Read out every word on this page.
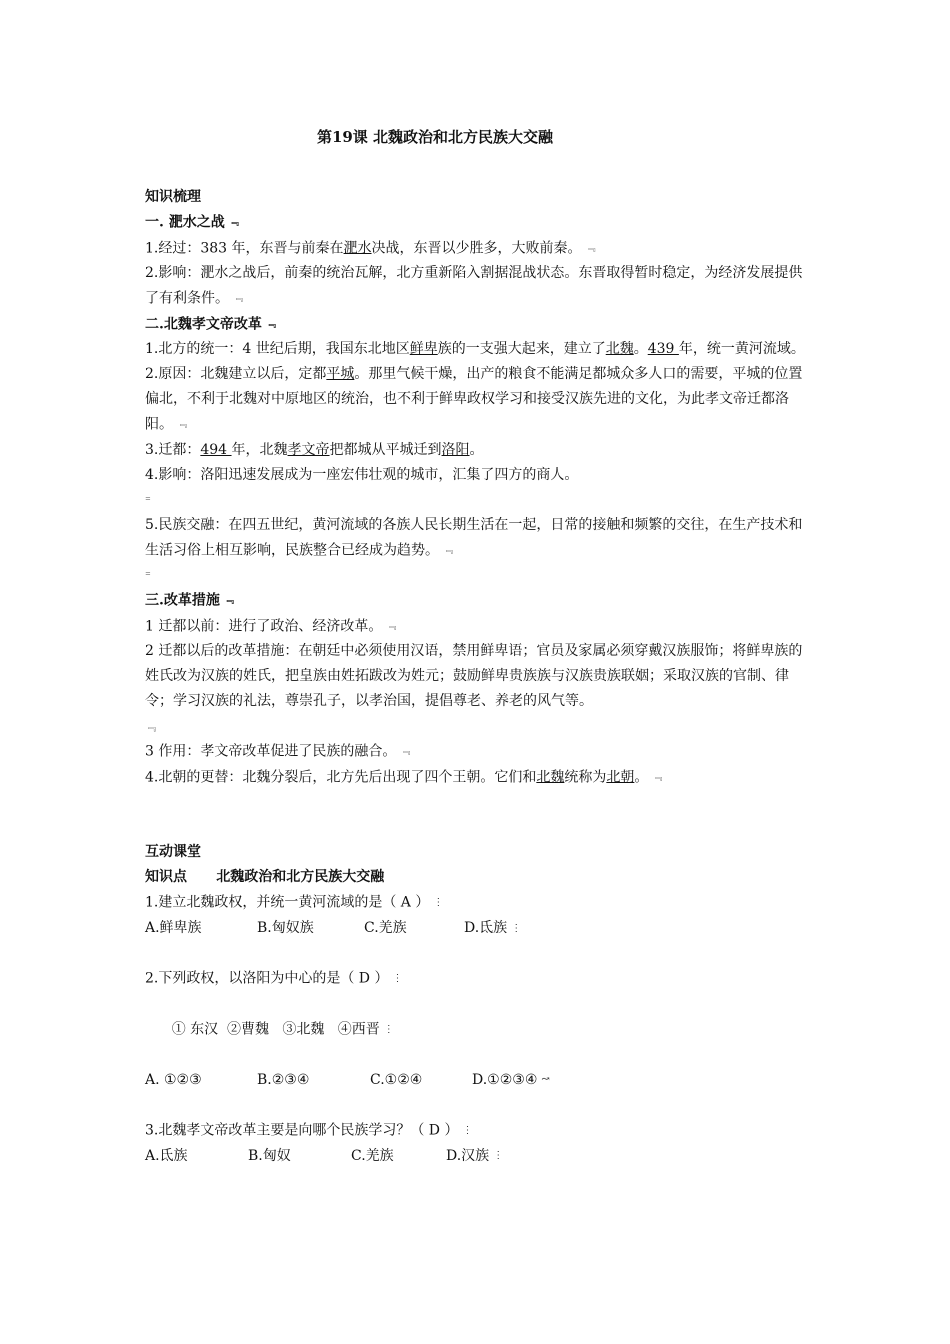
第19课 北魏政治和北方民族大交融
知识梳理
一. 淝水之战 ﹃

1.经过：383 年，东晋与前秦在淝水决战，东晋以少胜多，大败前秦。 ﹃

2.影响：淝水之战后，前秦的统治瓦解，北方重新陷入割据混战状态。东晋取得暂时稳定，为经济发展提供了有利条件。 ﹃

二.北魏孝文帝改革 ﹃

1.北方的统一：4 世纪后期，我国东北地区鲜卑族的一支强大起来，建立了北魏。439 年，统一黄河流域。

2.原因：北魏建立以后，定都平城。那里气候干燥，出产的粮食不能满足都城众多人口的需要，平城的位置偏北，不利于北魏对中原地区的统治，也不利于鲜卑政权学习和接受汉族先进的文化，为此孝文帝迁都洛阳。 ﹃

3.迁都：494 年，北魏孝文帝把都城从平城迁到洛阳。

4.影响：洛阳迅速发展成为一座宏伟壮观的城市，汇集了四方的商人。

⁼

5.民族交融：在四五世纪，黄河流域的各族人民长期生活在一起，日常的接触和频繁的交往，在生产技术和生活习俗上相互影响，民族整合已经成为趋势。 ﹃

⁼
三.改革措施 ﹃

1 迁都以前：进行了政治、经济改革。 ﹃

2 迁都以后的改革措施：在朝廷中必须使用汉语，禁用鲜卑语；官员及家属必须穿戴汉族服饰；将鲜卑族的姓氏改为汉族的姓氏，把皇族由姓拓跋改为姓元；鼓励鲜卑贵族族与汉族贵族联姻；采取汉族的官制、律令；学习汉族的礼法，尊崇孔子，以孝治国，提倡尊老、养老的风气等。

﹃

3 作用：孝文帝改革促进了民族的融合。 ﹃

4.北朝的更替：北魏分裂后，北方先后出现了四个王朝。它们和北魏统称为北朝。 ﹃

互动课堂
知识点      北魏政治和北方民族大交融

1.建立北魏政权，并统一黄河流域的是（ A ） ⋮

A.鲜卑族	B.匈奴族	C.羌族	D.氐族 ⋮

2.下列政权，以洛阳为中心的是（ D ） ⋮

① 东汉  ②曹魏   ③北魏   ④西晋 ⋮

A. ①②③	B.②③④	C.①②④	D.①②③④ ↝

3.北魏孝文帝改革主要是向哪个民族学习？（ D ） ⋮

A.氐族	B.匈奴	C.羌族	D.汉族 ⋮
